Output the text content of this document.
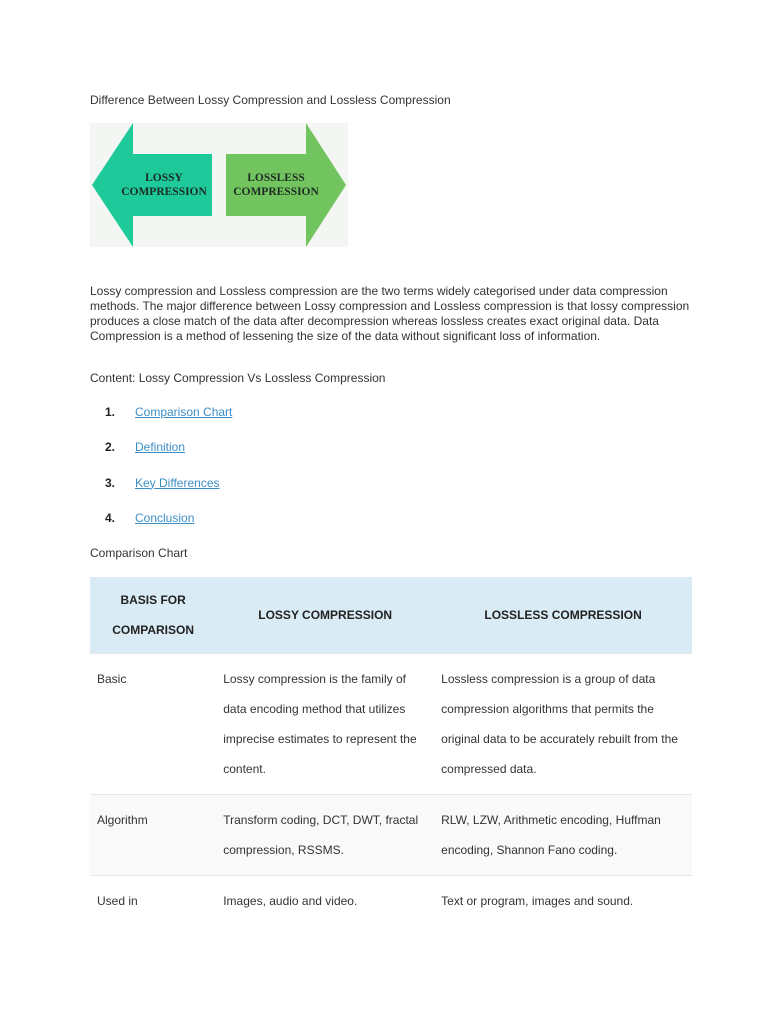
Difference Between Lossy Compression and Lossless Compression
LOSSY
COMPRESSION
LOSSLESS
COMPRESSION

Lossy compression and Lossless compression are the two terms widely categorised under data compression methods. The major difference between Lossy compression and Lossless compression is that lossy compression produces a close match of the data after decompression whereas lossless creates exact original data. Data Compression is a method of lessening the size of the data without significant loss of information.

Content: Lossy Compression Vs Lossless Compression
1. Comparison Chart
2. Definition
3. Key Differences
4. Conclusion
Comparison Chart
BASIS FOR COMPARISON	LOSSY COMPRESSION	LOSSLESS COMPRESSION
Basic	Lossy compression is the family of data encoding method that utilizes imprecise estimates to represent the content.	Lossless compression is a group of data compression algorithms that permits the original data to be accurately rebuilt from the compressed data.
Algorithm	Transform coding, DCT, DWT, fractal compression, RSSMS.	RLW, LZW, Arithmetic encoding, Huffman encoding, Shannon Fano coding.
Used in	Images, audio and video.	Text or program, images and sound.
